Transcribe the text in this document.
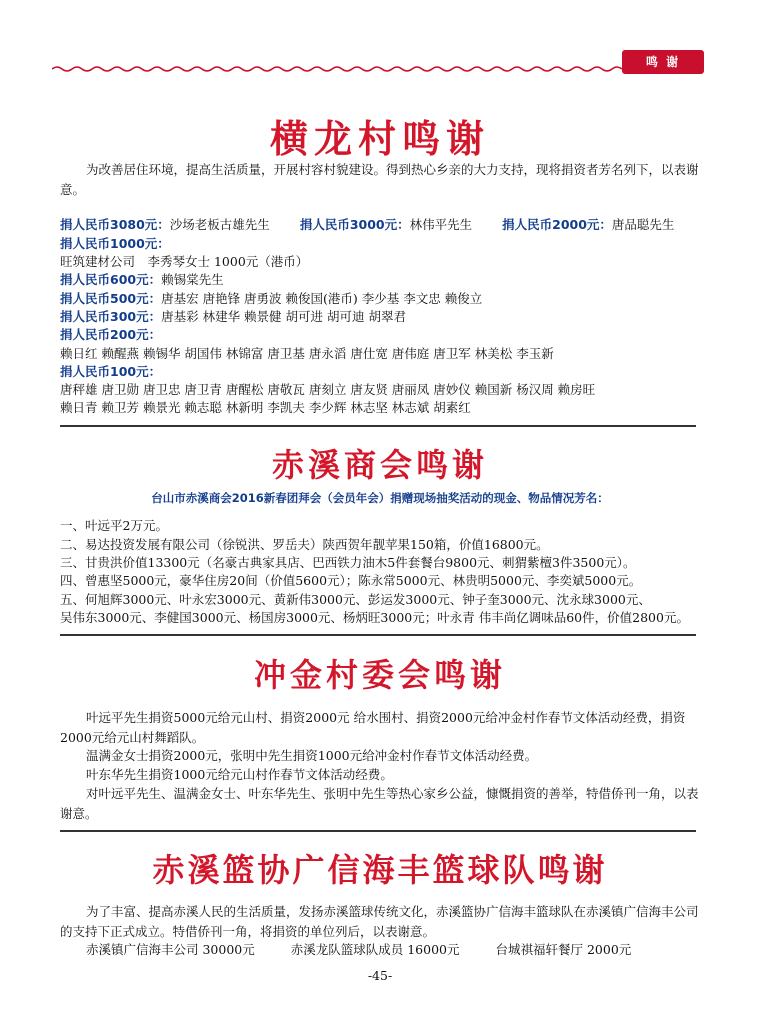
鸣 谢
横龙村鸣谢
为改善居住环境，提高生活质量，开展村容村貌建设。得到热心乡亲的大力支持，现将捐资者芳名列下，以表谢意。
捐人民币3080元：沙场老板古雄先生 捐人民币3000元：林伟平先生 捐人民币2000元：唐品聪先生
捐人民币1000元：
旺筑建材公司　李秀琴女士 1000元（港币）
捐人民币600元：赖锡棠先生
捐人民币500元：唐基宏 唐艳锋 唐勇波 赖俊国(港币) 李少基 李文忠 赖俊立
捐人民币300元：唐基彩 林建华 赖景健 胡可进 胡可迪 胡翠君
捐人民币200元：
赖日红 赖醒燕 赖锡华 胡国伟 林锦富 唐卫基 唐永滔 唐仕宽 唐伟庭 唐卫军 林美松 李玉新
捐人民币100元：
唐秤雄 唐卫勋 唐卫忠 唐卫青 唐醒松 唐敬瓦 唐刻立 唐友贤 唐丽凤 唐妙仪 赖国新 杨汉周 赖房旺
赖日青 赖卫芳 赖景光 赖志聪 林新明 李凯夫 李少辉 林志坚 林志斌 胡素红
赤溪商会鸣谢
台山市赤溪商会2016新春团拜会（会员年会）捐赠现场抽奖活动的现金、物品情况芳名：
一、叶远平2万元。
二、易达投资发展有限公司（徐锐洪、罗岳夫）陕西贺年靓苹果150箱，价值16800元。
三、甘贵洪价值13300元（名豪古典家具店、巴西铁力油木5件套餐台9800元、刺猬紫檀3件3500元）。
四、曾惠坚5000元，豪华住房20间（价值5600元）；陈永常5000元、林贵明5000元、李奕斌5000元。
五、何旭辉3000元、叶永宏3000元、黄新伟3000元、彭运发3000元、钟子奎3000元、沈永球3000元、
吴伟东3000元、李健国3000元、杨国房3000元、杨炳旺3000元；叶永青 伟丰尚亿调味品60件，价值2800元。
冲金村委会鸣谢
叶远平先生捐资5000元给元山村、捐资2000元 给水围村、捐资2000元给冲金村作春节文体活动经费，捐资2000元给元山村舞蹈队。
温满金女士捐资2000元，张明中先生捐资1000元给冲金村作春节文体活动经费。
叶东华先生捐资1000元给元山村作春节文体活动经费。
对叶远平先生、温满金女士、叶东华先生、张明中先生等热心家乡公益，慷慨捐资的善举，特借侨刊一角，以表谢意。
赤溪篮协广信海丰篮球队鸣谢
为了丰富、提高赤溪人民的生活质量，发扬赤溪篮球传统文化，赤溪篮协广信海丰篮球队在赤溪镇广信海丰公司的支持下正式成立。特借侨刊一角，将捐资的单位列后，以表谢意。
赤溪镇广信海丰公司 30000元	赤溪龙队篮球队成员 16000元	台城祺福轩餐厅 2000元
-45-
